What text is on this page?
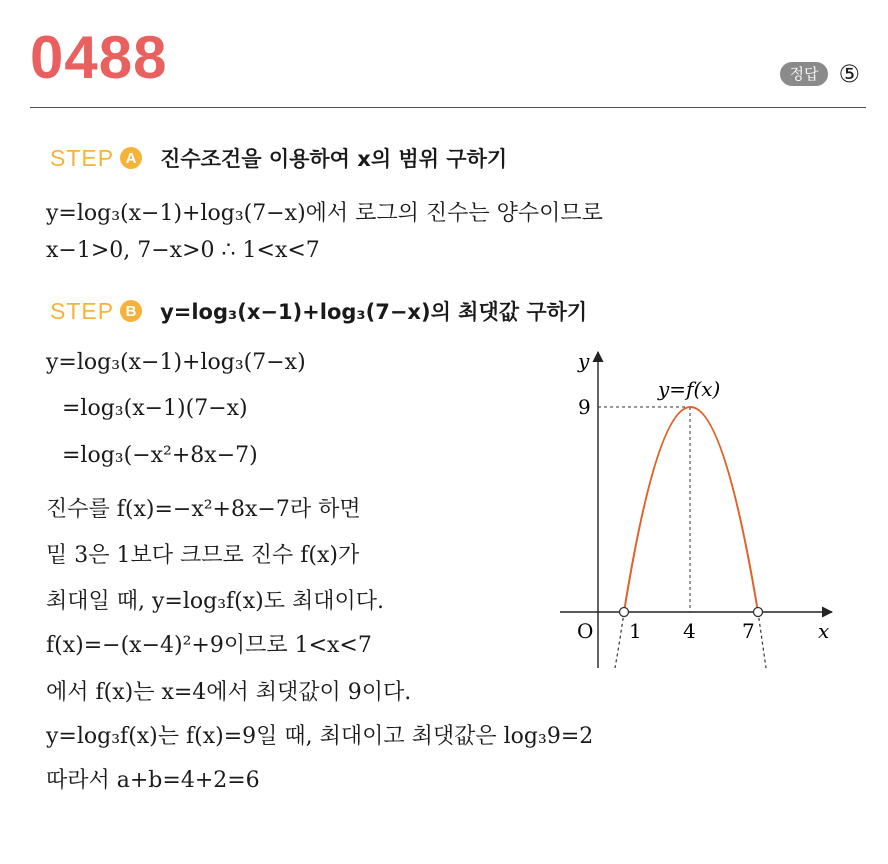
0488	정답 ⑤
STEP A 진수조건을 이용하여 x의 범위 구하기
y=log₃(x−1)+log₃(7−x)에서 로그의 진수는 양수이므로
x−1>0, 7−x>0 ∴ 1<x<7
STEP B y=log₃(x−1)+log₃(7−x)의 최댓값 구하기
y=log₃(x−1)+log₃(7−x)
=log₃(x−1)(7−x)
=log₃(−x²+8x−7)
진수를 f(x)=−x²+8x−7라 하면
밑 3은 1보다 크므로 진수 f(x)가
최대일 때, y=log₃f(x)도 최대이다.
f(x)=−(x−4)²+9이므로 1<x<7
에서 f(x)는 x=4에서 최댓값이 9이다.
y=log₃f(x)는 f(x)=9일 때, 최대이고 최댓값은 log₃9=2
따라서 a+b=4+2=6
y=f(x)
y
x
O
9
1 4 7
